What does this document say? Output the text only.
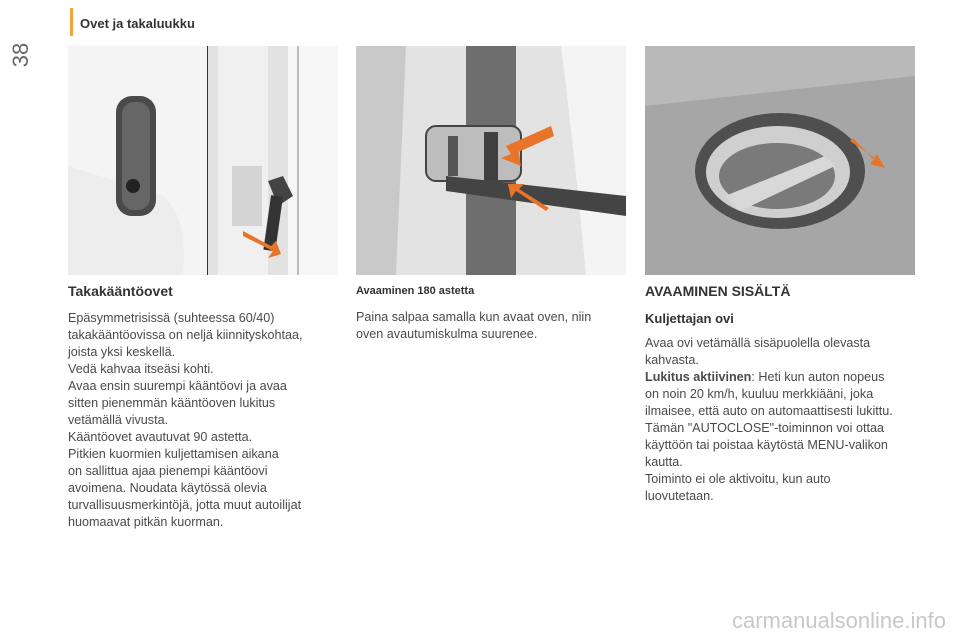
38
Ovet ja takaluukku
Takakääntöovet

Epäsymmetrisissä (suhteessa 60/40)

takakääntöovissa on neljä kiinnityskohtaa,

joista yksi keskellä.

Vedä kahvaa itseäsi kohti.

Avaa ensin suurempi kääntöovi ja avaa

sitten pienemmän kääntöoven lukitus

vetämällä vivusta.

Kääntöovet avautuvat 90 astetta.

Pitkien kuormien kuljettamisen aikana

on sallittua ajaa pienempi kääntöovi

avoimena. Noudata käytössä olevia

turvallisuusmerkintöjä, jotta muut autoilijat

huomaavat pitkän kuorman.

Avaaminen 180 astetta

Paina salpaa samalla kun avaat oven, niin

oven avautumiskulma suurenee.

AVAAMINEN SISÄLTÄ
Kuljettajan ovi

Avaa ovi vetämällä sisäpuolella olevasta

kahvasta.

Lukitus aktiivinen: Heti kun auton nopeus

on noin 20 km/h, kuuluu merkkiääni, joka

ilmaisee, että auto on automaattisesti lukittu.

Tämän "AUTOCLOSE"-toiminnon voi ottaa

käyttöön tai poistaa käytöstä MENU-valikon

kautta.

Toiminto ei ole aktivoitu, kun auto

luovutetaan.

carmanualsonline.info
